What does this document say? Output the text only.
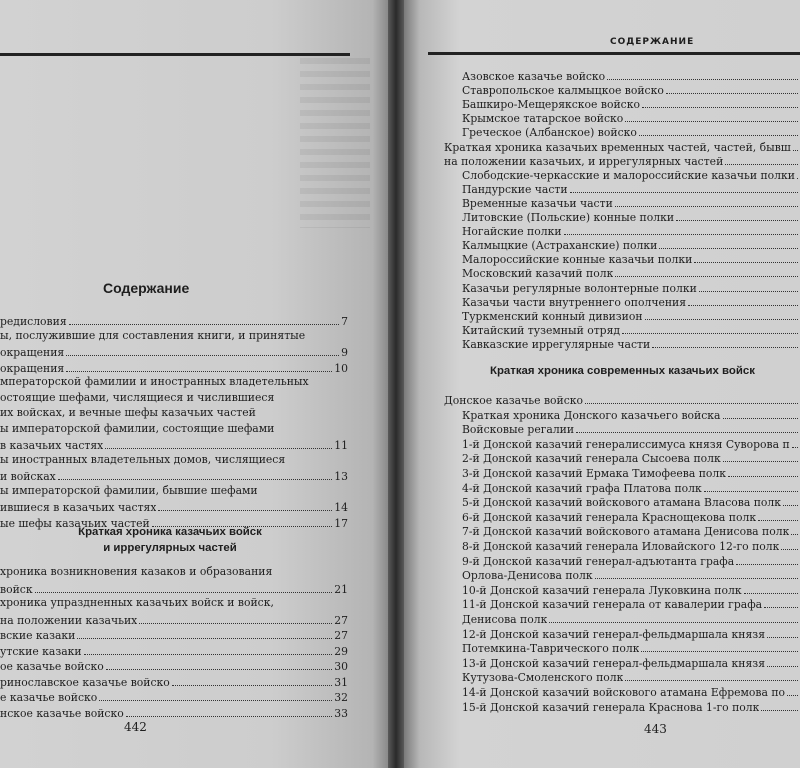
Содержание
редисловия	7
ы, послужившие для составления книги, и принятые
окращения	9
окращения	10
мператорской фамилии и иностранных владетельных
остоящие шефами, числящиеся и числившиеся
их войсках, и вечные шефы казачьих частей
ы императорской фамилии, состоящие шефами
в казачьих частях	11
ы иностранных владетельных домов, числящиеся
и войсках	13
ы императорской фамилии, бывшие шефами
ившиеся в казачьих частях	14
ые шефы казачьих частей	17
Краткая хроника казачьих войск
и иррегулярных частей
хроника возникновения казаков и образования
войск	21
хроника упраздненных казачьих войск и войск,
на положении казачьих	27
вские казаки	27
утские казаки	29
ое казачье войско	30
ринославское казачье войско	31
е казачье войско	32
нское казачье войско	33
442
СОДЕРЖАНИЕ
Азовское казачье войско
Ставропольское калмыцкое войско
Башкиро-Мещерякское войско
Крымское татарское войско
Греческое (Албанское) войско
Краткая хроника казачьих временных частей, частей, бывш
на положении казачьих, и иррегулярных частей
Слободские-черкасские и малороссийские казачьи полки
Пандурские части
Временные казачьи части
Литовские (Польские) конные полки
Ногайские полки
Калмыцкие (Астраханские) полки
Малороссийские конные казачьи полки
Московский казачий полк
Казачьи регулярные волонтерные полки
Казачьи части внутреннего ополчения
Туркменский конный дивизион
Китайский туземный отряд
Кавказские иррегулярные части
Краткая хроника современных казачьих войск
Донское казачье войско
Краткая хроника Донского казачьего войска
Войсковые регалии
1-й Донской казачий генералиссимуса князя Суворова п
2-й Донской казачий генерала Сысоева полк
3-й Донской казачий Ермака Тимофеева полк
4-й Донской казачий графа Платова полк
5-й Донской казачий войскового атамана Власова полк
6-й Донской казачий генерала Краснощекова полк
7-й Донской казачий войскового атамана Денисова полк
8-й Донской казачий генерала Иловайского 12-го полк
9-й Донской казачий генерал-адъютанта графа
Орлова-Денисова полк
10-й Донской казачий генерала Луковкина полк
11-й Донской казачий генерала от кавалерии графа
Денисова полк
12-й Донской казачий генерал-фельдмаршала князя
Потемкина-Таврического полк
13-й Донской казачий генерал-фельдмаршала князя
Кутузова-Смоленского полк
14-й Донской казачий войскового атамана Ефремова по
15-й Донской казачий генерала Краснова 1-го полк
443
